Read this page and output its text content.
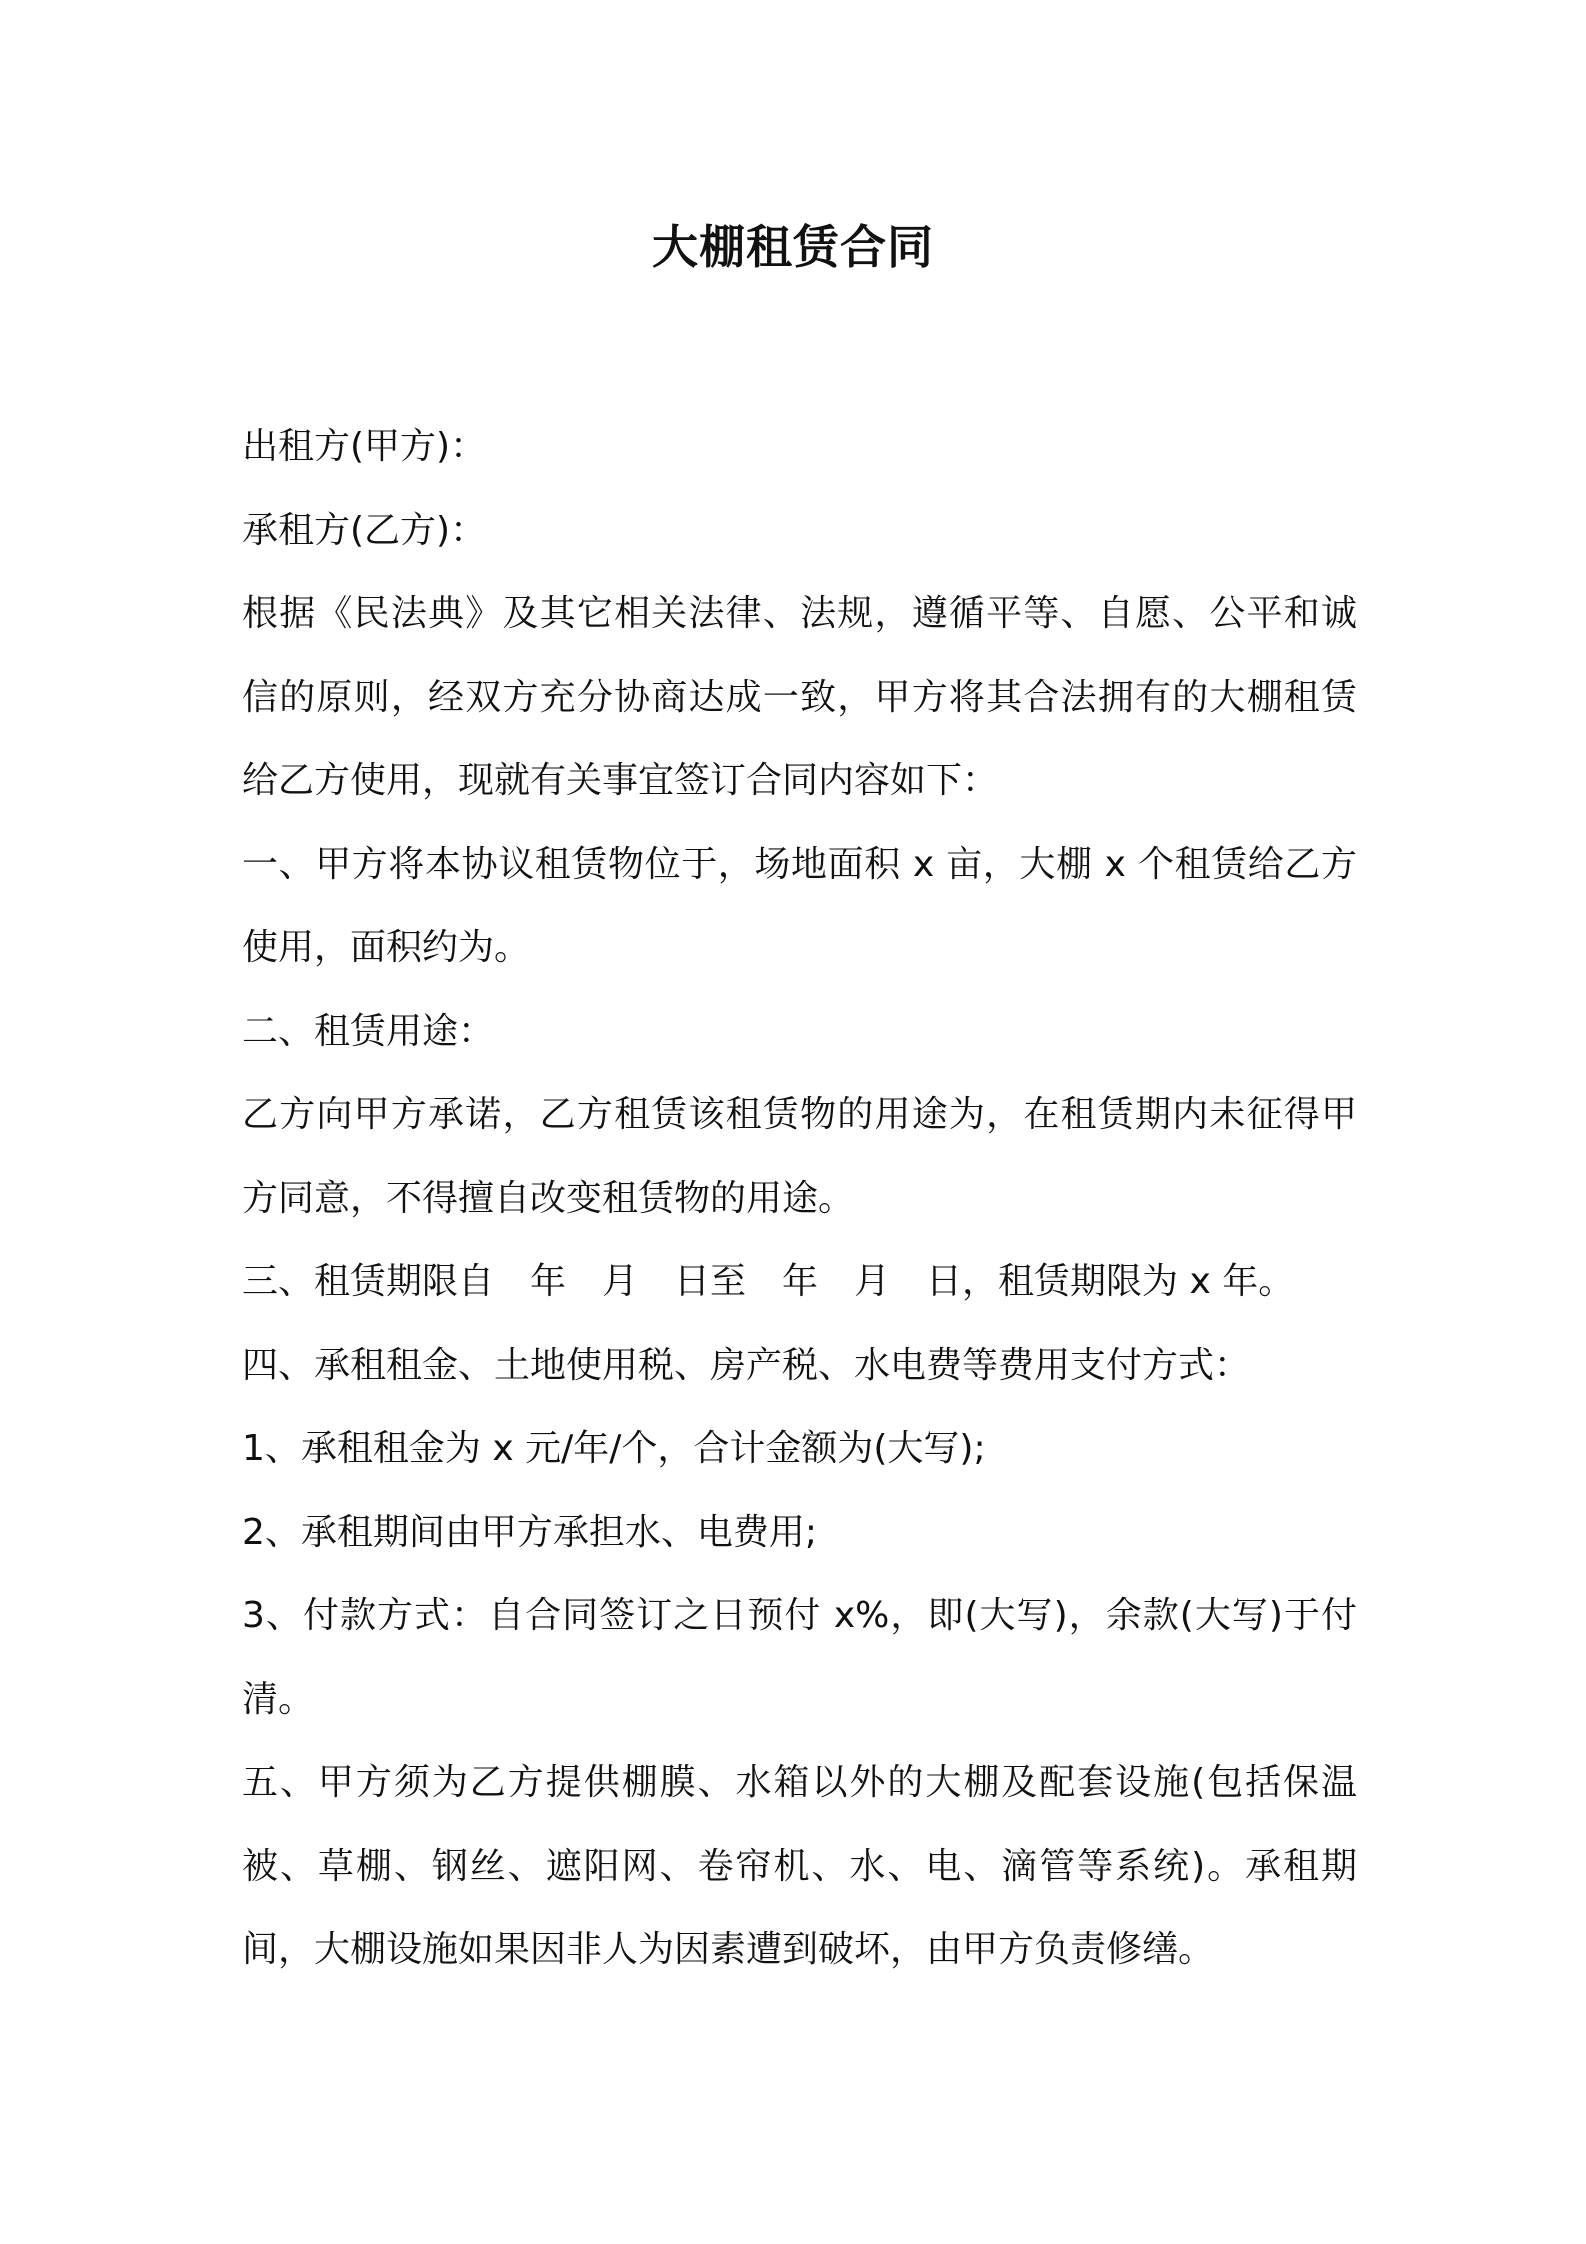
大棚租赁合同

出租方(甲方)：

承租方(乙方)：

根据《民法典》及其它相关法律、法规，遵循平等、自愿、公平和诚信的原则，经双方充分协商达成一致，甲方将其合法拥有的大棚租赁给乙方使用，现就有关事宜签订合同内容如下：

一、甲方将本协议租赁物位于，场地面积 x 亩，大棚 x 个租赁给乙方使用，面积约为。

二、租赁用途：

乙方向甲方承诺，乙方租赁该租赁物的用途为，在租赁期内未征得甲方同意，不得擅自改变租赁物的用途。

三、租赁期限自　年　月　日至　年　月　日，租赁期限为 x 年。

四、承租租金、土地使用税、房产税、水电费等费用支付方式：

1、承租租金为 x 元/年/个，合计金额为(大写);

2、承租期间由甲方承担水、电费用;

3、付款方式：自合同签订之日预付 x%，即(大写)，余款(大写)于付清。

五、甲方须为乙方提供棚膜、水箱以外的大棚及配套设施(包括保温被、草棚、钢丝、遮阳网、卷帘机、水、电、滴管等系统)。承租期间，大棚设施如果因非人为因素遭到破坏，由甲方负责修缮。
